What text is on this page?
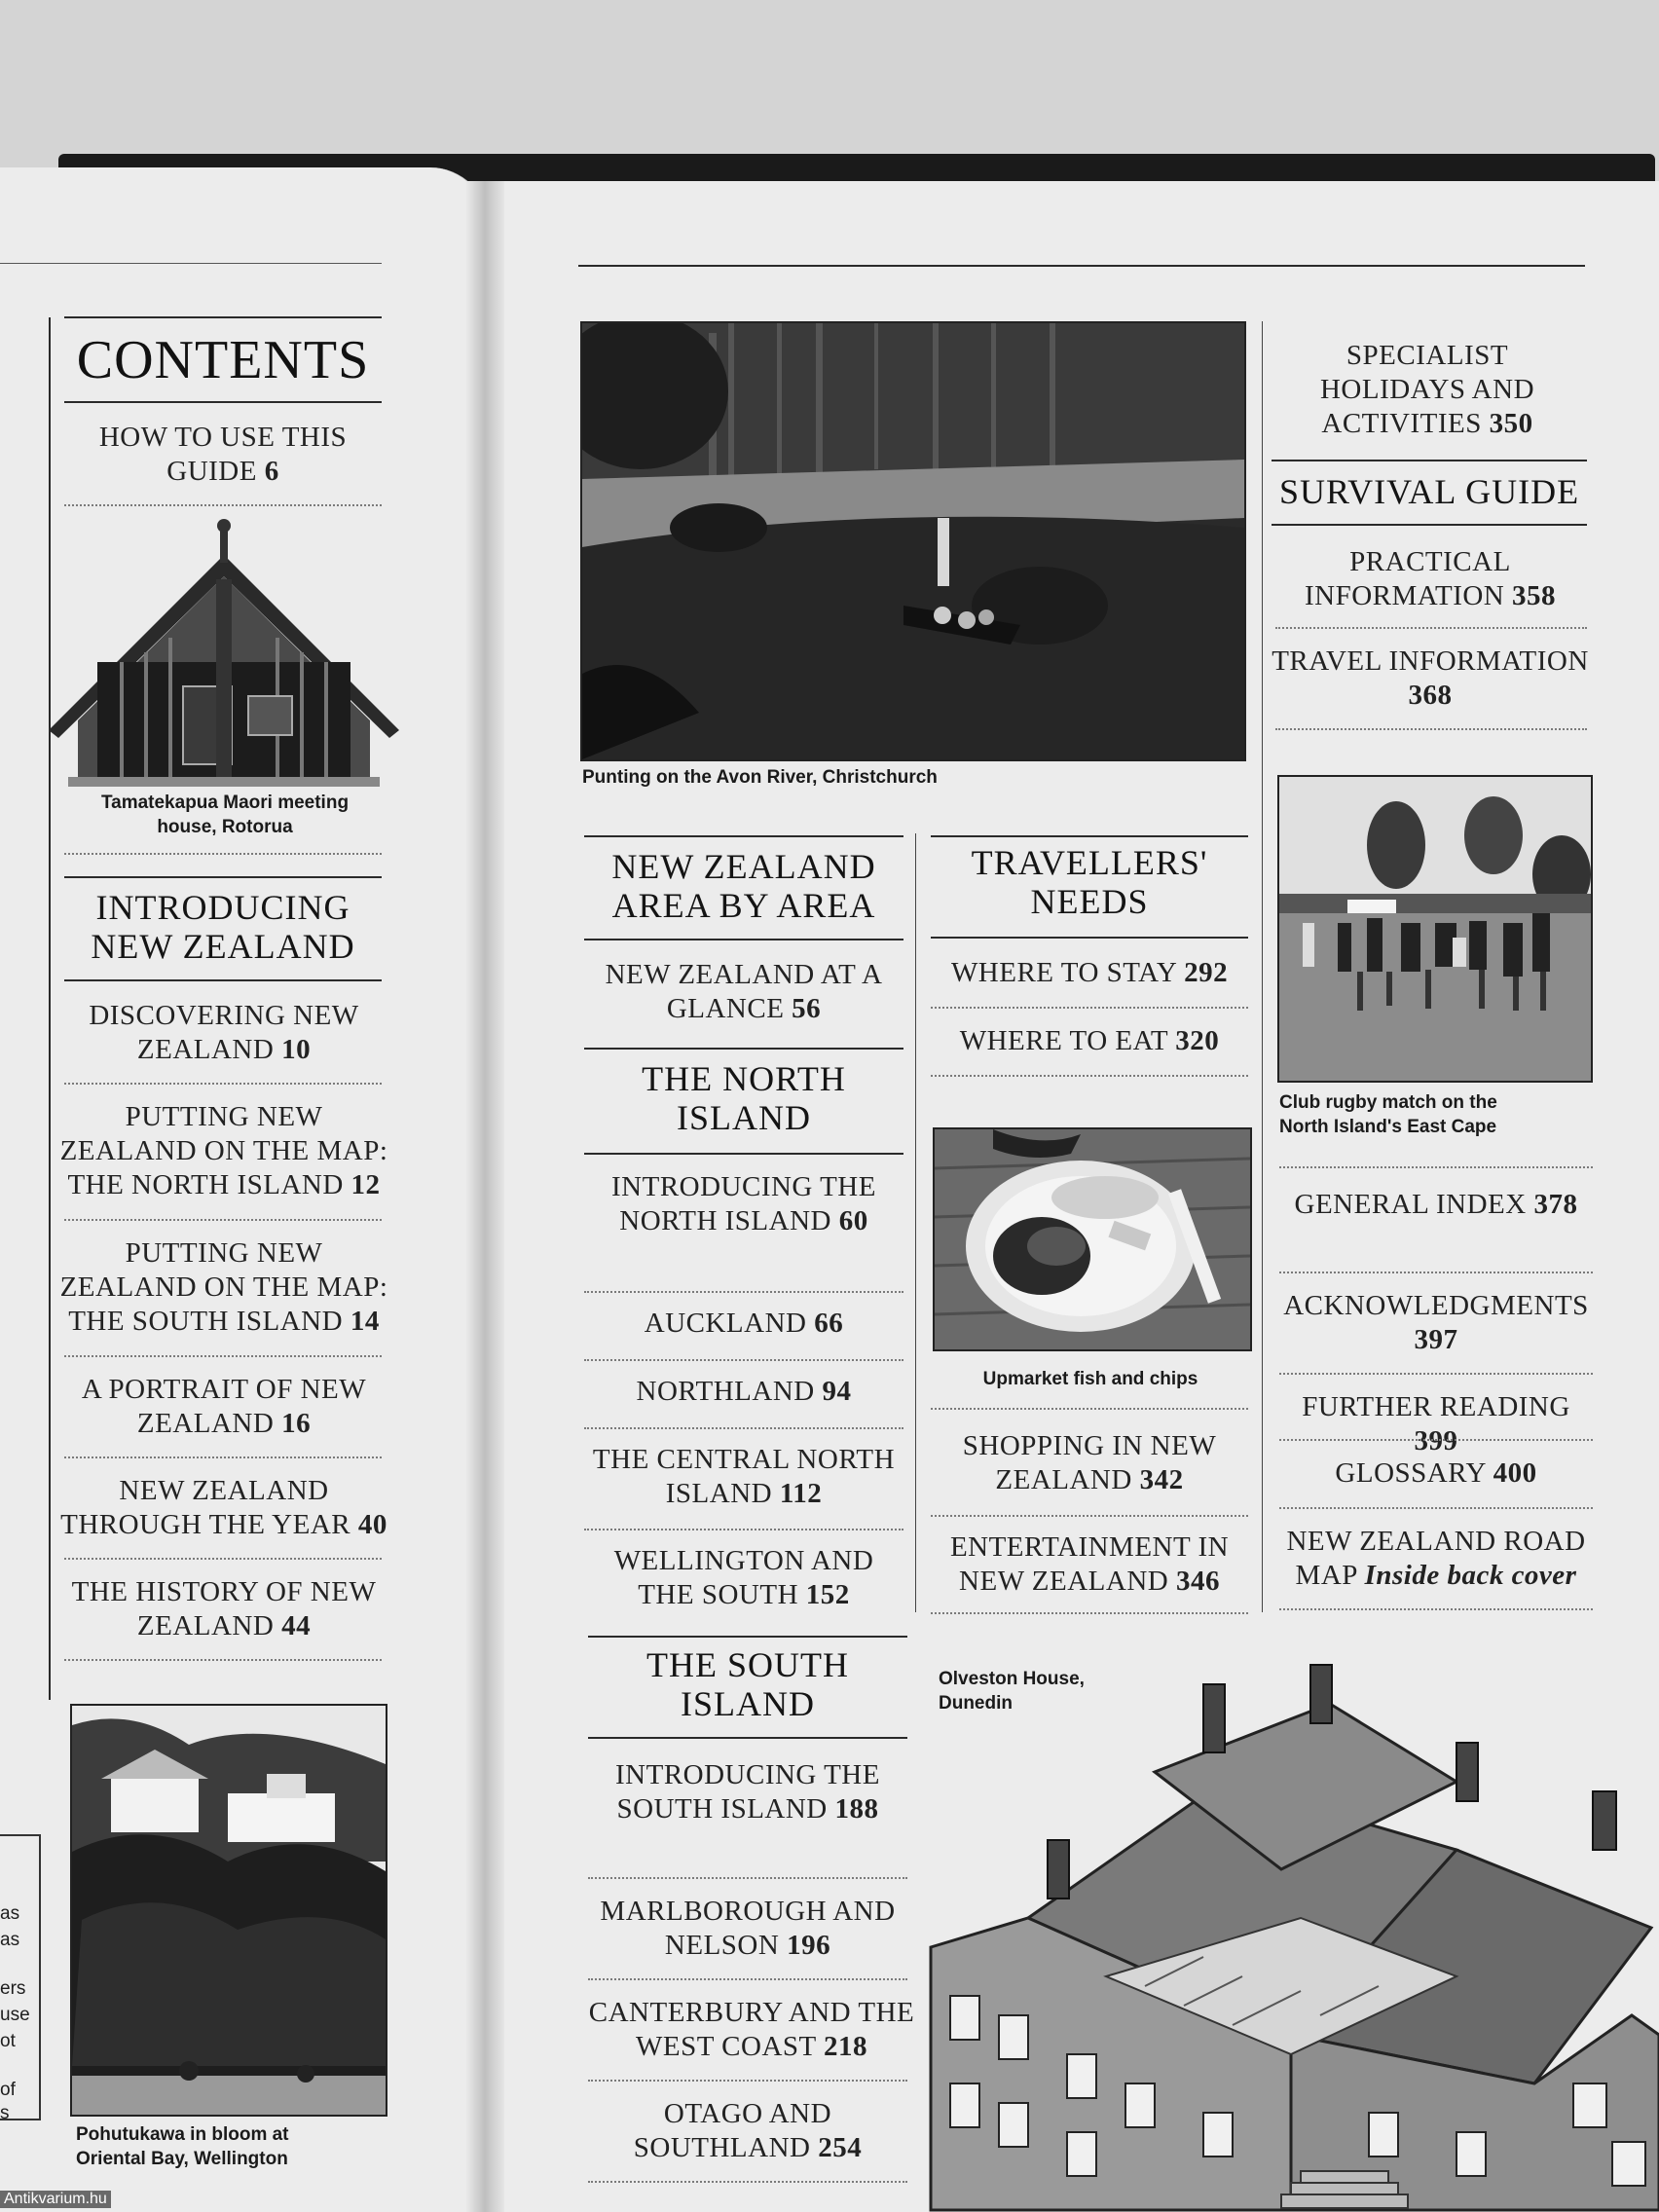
CONTENTS
HOW TO USE THIS GUIDE 6
Tamatekapua Maori meeting house, Rotorua
INTRODUCING NEW ZEALAND
DISCOVERING NEW ZEALAND 10
PUTTING NEW ZEALAND ON THE MAP: THE NORTH ISLAND 12
PUTTING NEW ZEALAND ON THE MAP: THE SOUTH ISLAND 14
A PORTRAIT OF NEW ZEALAND 16
NEW ZEALAND THROUGH THE YEAR 40
THE HISTORY OF NEW ZEALAND 44
Pohutukawa in bloom at Oriental Bay, Wellington
as
as
ers
use
ot
of
s
Antikvarium.hu
Punting on the Avon River, Christchurch
NEW ZEALAND AREA BY AREA
NEW ZEALAND AT A GLANCE 56
THE NORTH ISLAND
INTRODUCING THE NORTH ISLAND 60
AUCKLAND 66
NORTHLAND 94
THE CENTRAL NORTH ISLAND 112
WELLINGTON AND THE SOUTH 152
THE SOUTH ISLAND
INTRODUCING THE SOUTH ISLAND 188
MARLBOROUGH AND NELSON 196
CANTERBURY AND THE WEST COAST 218
OTAGO AND SOUTHLAND 254
TRAVELLERS' NEEDS
WHERE TO STAY 292
WHERE TO EAT 320
Upmarket fish and chips
SHOPPING IN NEW ZEALAND 342
ENTERTAINMENT IN NEW ZEALAND 346
SPECIALIST HOLIDAYS AND ACTIVITIES 350
SURVIVAL GUIDE
PRACTICAL INFORMATION 358
TRAVEL INFORMATION 368
Club rugby match on the North Island's East Cape
GENERAL INDEX 378
ACKNOWLEDGMENTS 397
FURTHER READING 399
GLOSSARY 400
NEW ZEALAND ROAD MAP Inside back cover
Olveston House, Dunedin
